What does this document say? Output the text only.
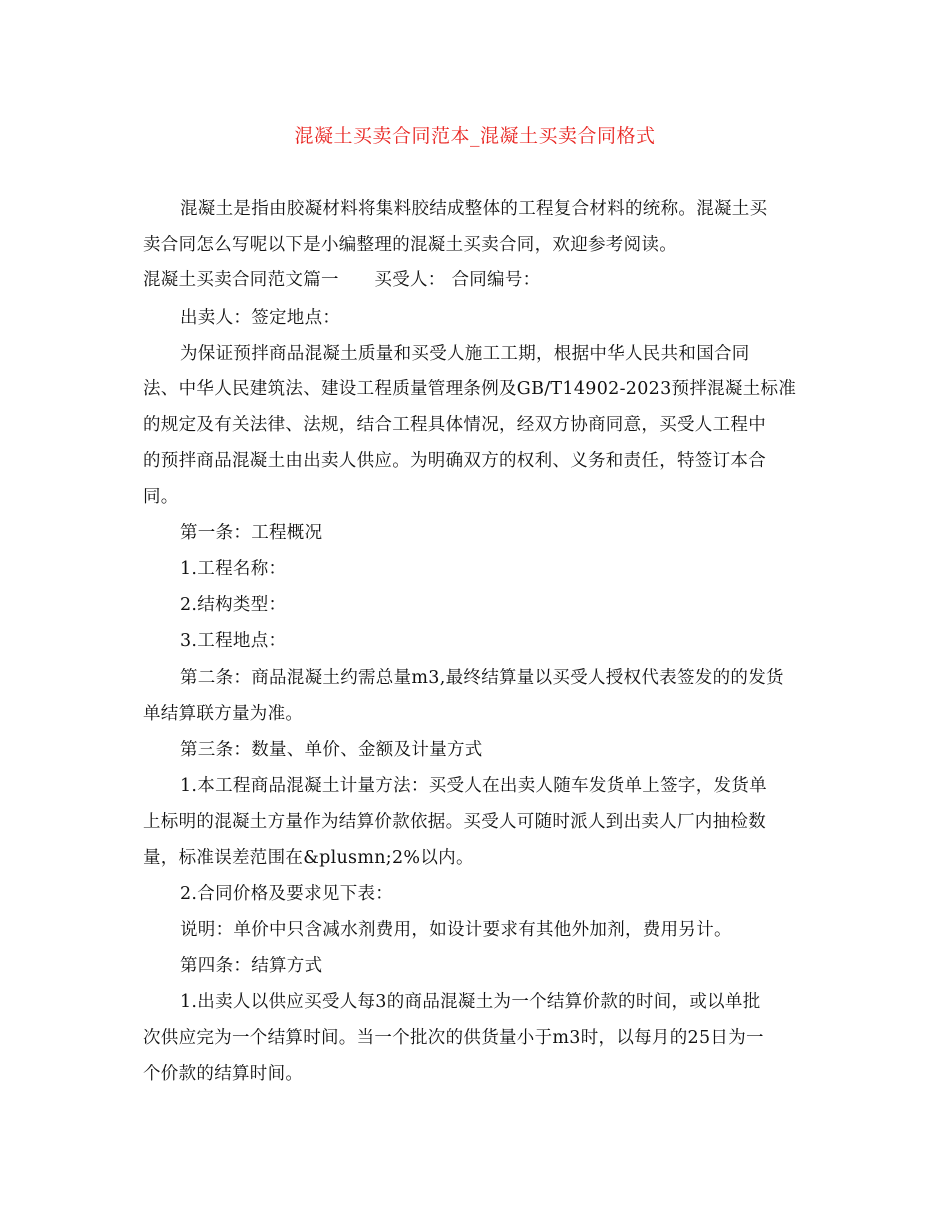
混凝土买卖合同范本_混凝土买卖合同格式
混凝土是指由胶凝材料将集料胶结成整体的工程复合材料的统称。混凝土买
卖合同怎么写呢以下是小编整理的混凝土买卖合同，欢迎参考阅读。
混凝土买卖合同范文篇一　　买受人： 合同编号：
出卖人：签定地点：
为保证预拌商品混凝土质量和买受人施工工期，根据中华人民共和国合同
法、中华人民建筑法、建设工程质量管理条例及GB/T14902-2023预拌混凝土标准
的规定及有关法律、法规，结合工程具体情况，经双方协商同意，买受人工程中
的预拌商品混凝土由出卖人供应。为明确双方的权利、义务和责任，特签订本合
同。
第一条：工程概况
1.工程名称：
2.结构类型：
3.工程地点：
第二条：商品混凝土约需总量m3,最终结算量以买受人授权代表签发的的发货
单结算联方量为准。
第三条：数量、单价、金额及计量方式
1.本工程商品混凝土计量方法：买受人在出卖人随车发货单上签字，发货单
上标明的混凝土方量作为结算价款依据。买受人可随时派人到出卖人厂内抽检数
量，标准误差范围在&plusmn;2%以内。
2.合同价格及要求见下表：
说明：单价中只含减水剂费用，如设计要求有其他外加剂，费用另计。
第四条：结算方式
1.出卖人以供应买受人每3的商品混凝土为一个结算价款的时间，或以单批
次供应完为一个结算时间。当一个批次的供货量小于m3时，以每月的25日为一
个价款的结算时间。
